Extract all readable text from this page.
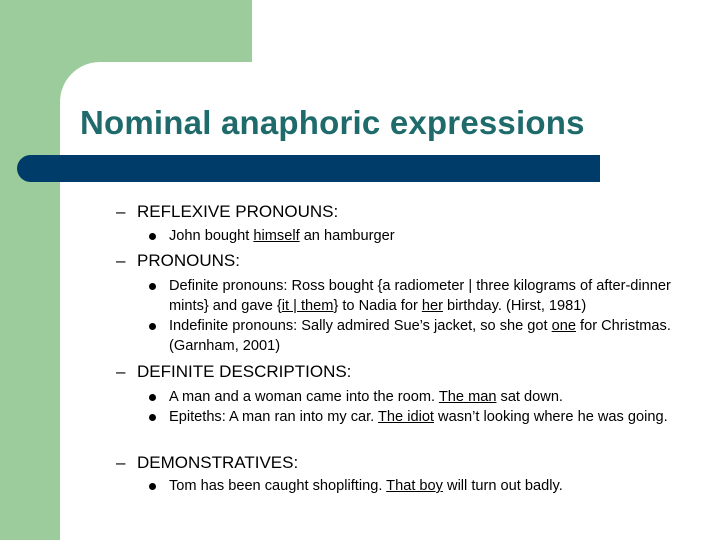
Nominal anaphoric expressions
– REFLEXIVE PRONOUNS:
John bought himself an hamburger
– PRONOUNS:
Definite pronouns: Ross bought {a radiometer | three kilograms of after-dinner mints} and gave {it | them} to Nadia for her birthday. (Hirst, 1981)
Indefinite pronouns: Sally admired Sue’s jacket, so she got one for Christmas. (Garnham, 2001)
– DEFINITE DESCRIPTIONS:
A man and a woman came into the room. The man sat down.
Epiteths: A man ran into my car. The idiot wasn’t looking where he was going.
– DEMONSTRATIVES:
Tom has been caught shoplifting. That boy will turn out badly.
